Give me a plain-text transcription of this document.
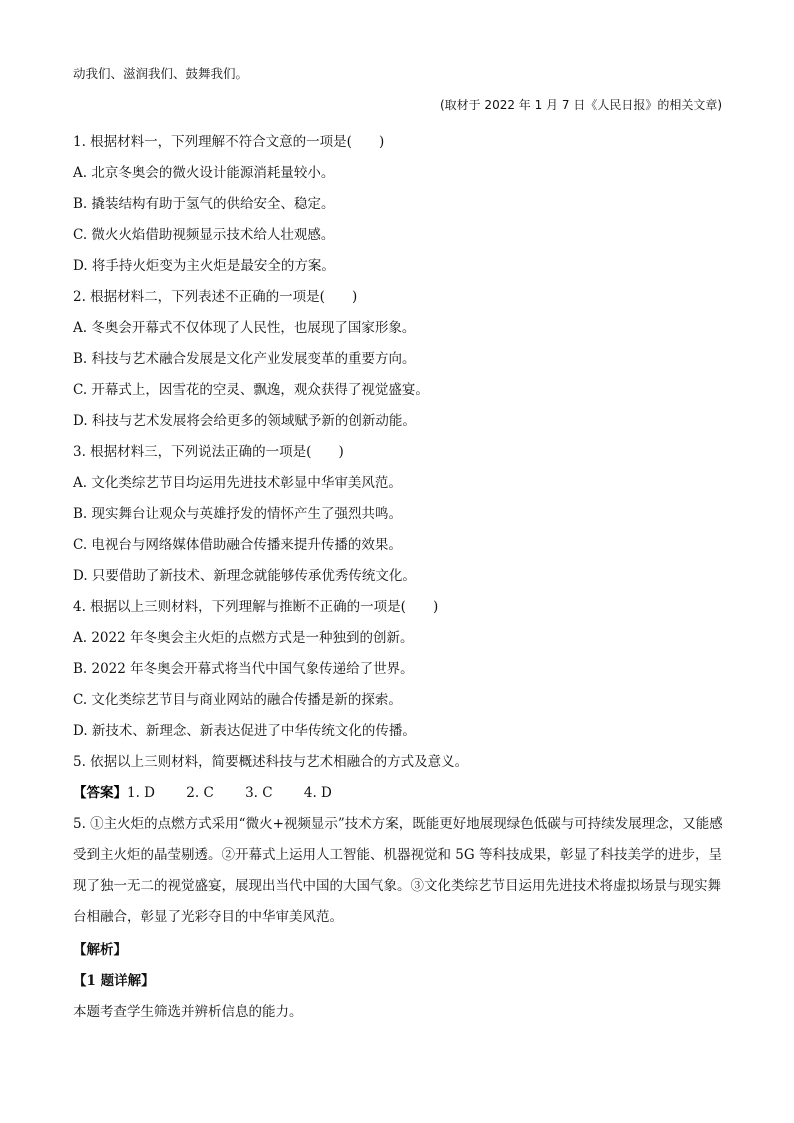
动我们、滋润我们、鼓舞我们。
(取材于 2022 年 1 月 7 日《人民日报》的相关文章)
1. 根据材料一，下列理解不符合文意的一项是(　　)
A. 北京冬奥会的微火设计能源消耗量较小。
B. 撬装结构有助于氢气的供给安全、稳定。
C. 微火火焰借助视频显示技术给人壮观感。
D. 将手持火炬变为主火炬是最安全的方案。
2. 根据材料二，下列表述不正确的一项是(　　)
A. 冬奥会开幕式不仅体现了人民性，也展现了国家形象。
B. 科技与艺术融合发展是文化产业发展变革的重要方向。
C. 开幕式上，因雪花的空灵、飘逸，观众获得了视觉盛宴。
D. 科技与艺术发展将会给更多的领域赋予新的创新动能。
3. 根据材料三，下列说法正确的一项是(　　)
A. 文化类综艺节目均运用先进技术彰显中华审美风范。
B. 现实舞台让观众与英雄抒发的情怀产生了强烈共鸣。
C. 电视台与网络媒体借助融合传播来提升传播的效果。
D. 只要借助了新技术、新理念就能够传承优秀传统文化。
4. 根据以上三则材料，下列理解与推断不正确的一项是(　　)
A. 2022 年冬奥会主火炬的点燃方式是一种独到的创新。
B. 2022 年冬奥会开幕式将当代中国气象传递给了世界。
C. 文化类综艺节目与商业网站的融合传播是新的探索。
D. 新技术、新理念、新表达促进了中华传统文化的传播。
5. 依据以上三则材料，简要概述科技与艺术相融合的方式及意义。
【答案】1. D   2. C   3. C   4. D
5. ①主火炬的点燃方式采用“微火+视频显示”技术方案，既能更好地展现绿色低碳与可持续发展理念，又能感受到主火炬的晶莹剔透。②开幕式上运用人工智能、机器视觉和 5G 等科技成果，彰显了科技美学的进步，呈现了独一无二的视觉盛宴，展现出当代中国的大国气象。③文化类综艺节目运用先进技术将虚拟场景与现实舞台相融合，彰显了光彩夺目的中华审美风范。
【解析】
【1 题详解】
本题考查学生筛选并辨析信息的能力。
